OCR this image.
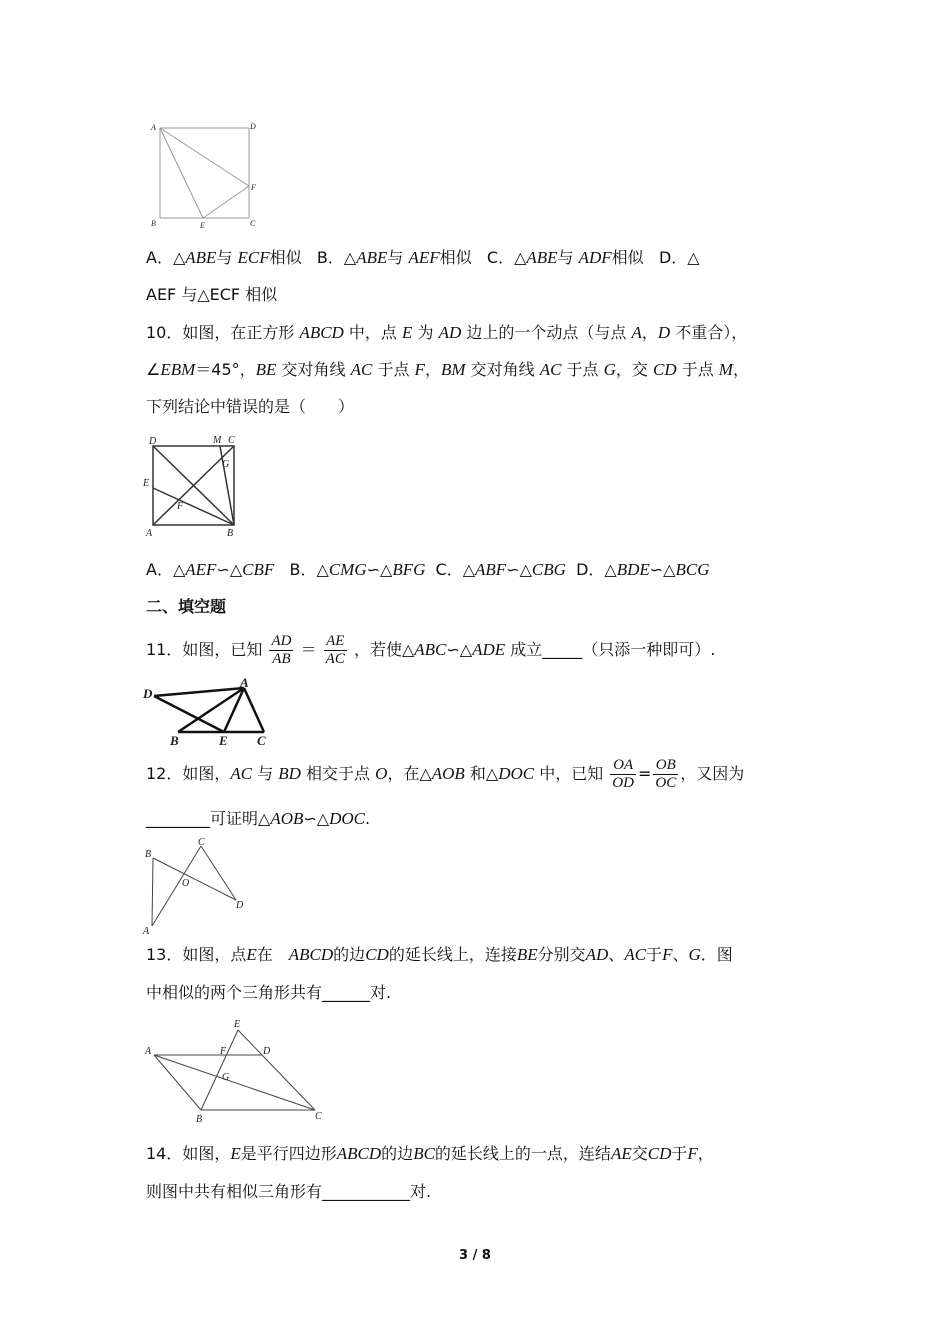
A	D
F
B	E	C
A．△ABE与 ECF相似 B．△ABE与 AEF相似 C．△ABE与 ADF相似 D．△
AEF 与△ECF 相似
10．如图，在正方形 ABCD 中，点 E 为 AD 边上的一个动点（与点 A，D 不重合），
∠EBM＝45°，BE 交对角线 AC 于点 F，BM 交对角线 AC 于点 G，交 CD 于点 M，
下列结论中错误的是（　　）
D	M C
G
E
F
A	B
A．△AEF∽△CBF B．△CMG∽△BFG C．△ABF∽△CBG D．△BDE∽△BCG
二、填空题
11．如图，已知 $\frac{AD}{AB} = \frac{AE}{AC}$ ，若使△ABC∽△ADE 成立_____（只添一种即可）.
D
A
B	E C
12．如图，AC 与 BD 相交于点 O，在△AOB 和△DOC 中，已知 $\frac{OA}{OD} = \frac{OB}{OC}$ ，又因为
________可证明△AOB∽△DOC.
B
C
O
D
A
13．如图，点E在　ABCD的边CD的延长线上，连接BE分别交AD、AC于F、G．图
中相似的两个三角形共有______对.
E
A	F	D
G
B	C
14．如图，E是平行四边形ABCD的边BC的延长线上的一点，连结AE交CD于F，
则图中共有相似三角形有___________对.
3 / 8
